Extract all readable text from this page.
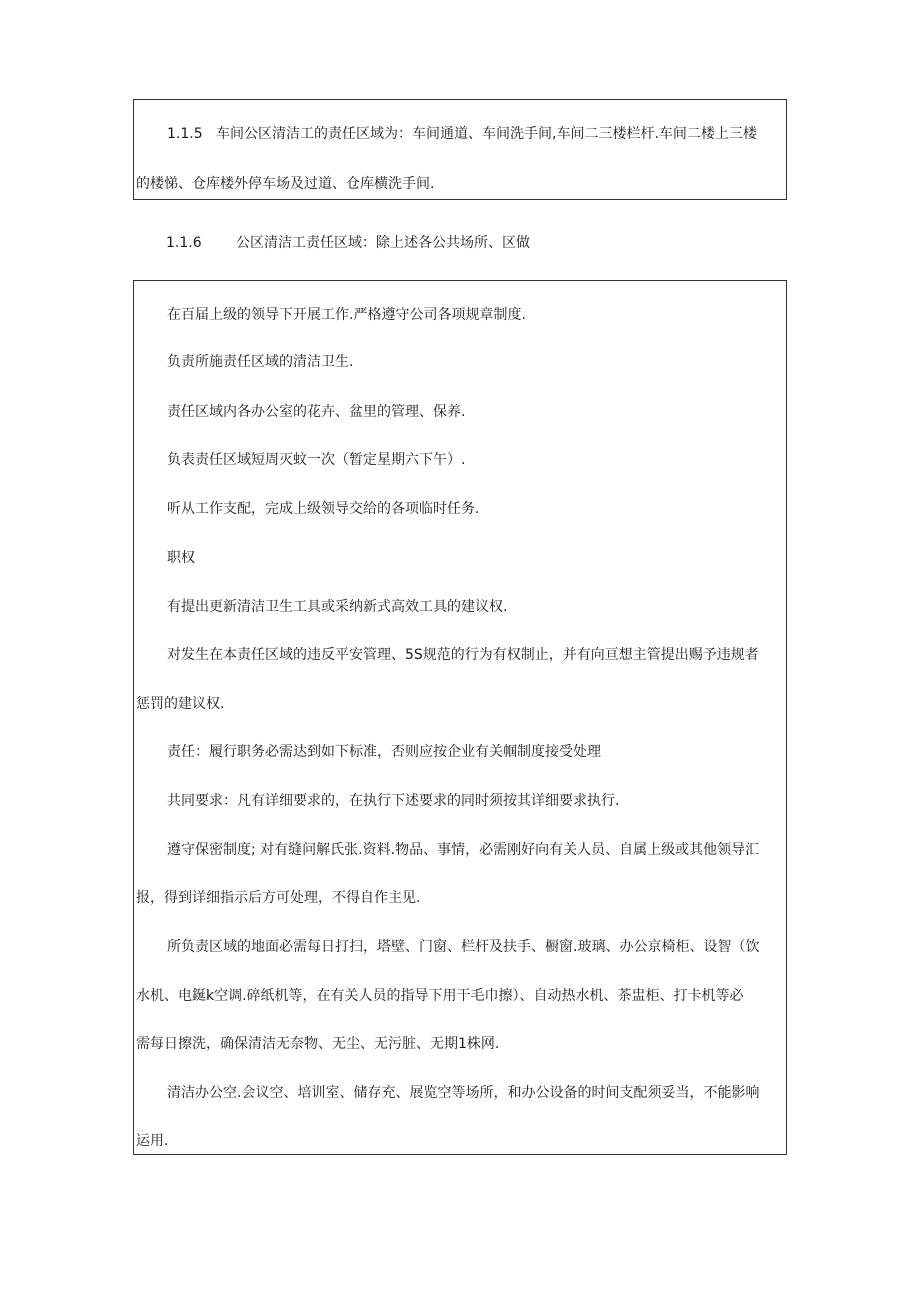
1.1.5 车间公区清洁工的责任区域为：车间通道、车间洗手间,车间二三楼栏杆.车间二楼上三楼

的楼悌、仓库楼外停车场及过道、仓库横洗手间.

1.1.6 公区清洁工责任区域：除上述各公共场所、区做

在百届上级的领导下开展工作.严格遵守公司各项规章制度.

负责所施责任区域的清洁卫生.

责任区域内各办公室的花卉、盆里的管理、保养.

负表责任区域短周灭蚊一次（暂定星期六下午）.

听从工作支配，完成上级领导交给的各项临时任务.

职权

有提出更新清洁卫生工具或采纳新式高效工具的建议权.

对发生在本责任区域的违反平安管理、5S规范的行为有权制止，并有向亘想主管提出赐予违规者

惩罚的建议权.

责任：履行职务必需达到如下标准，否则应按企业有关帼制度接受处理

共同要求：凡有详细要求的，在执行下述要求的同时须按其详细要求执行.

遵守保密制度; 对有缝问解氏张.资料.物品、事情，必需刚好向有关人员、自属上级或其他领导汇

报，得到详细指示后方可处理，不得自作主见.

所负责区域的地面必需每日打扫，塔壁、门窗、栏杆及扶手、橱窗.玻璃、办公京椅柜、设智（饮

水机、电鋋k空调.碎纸机等，在有关人员的指导下用干毛巾擦）、自动热水机、茶盅柜、打卡机等必

需每日擦洗，确保清洁无奈物、无尘、无污脏、无期1株网.

清洁办公空.会议空、培训室、储存充、展览空等场所，和办公设备的时间支配须妥当，不能影响

运用.
